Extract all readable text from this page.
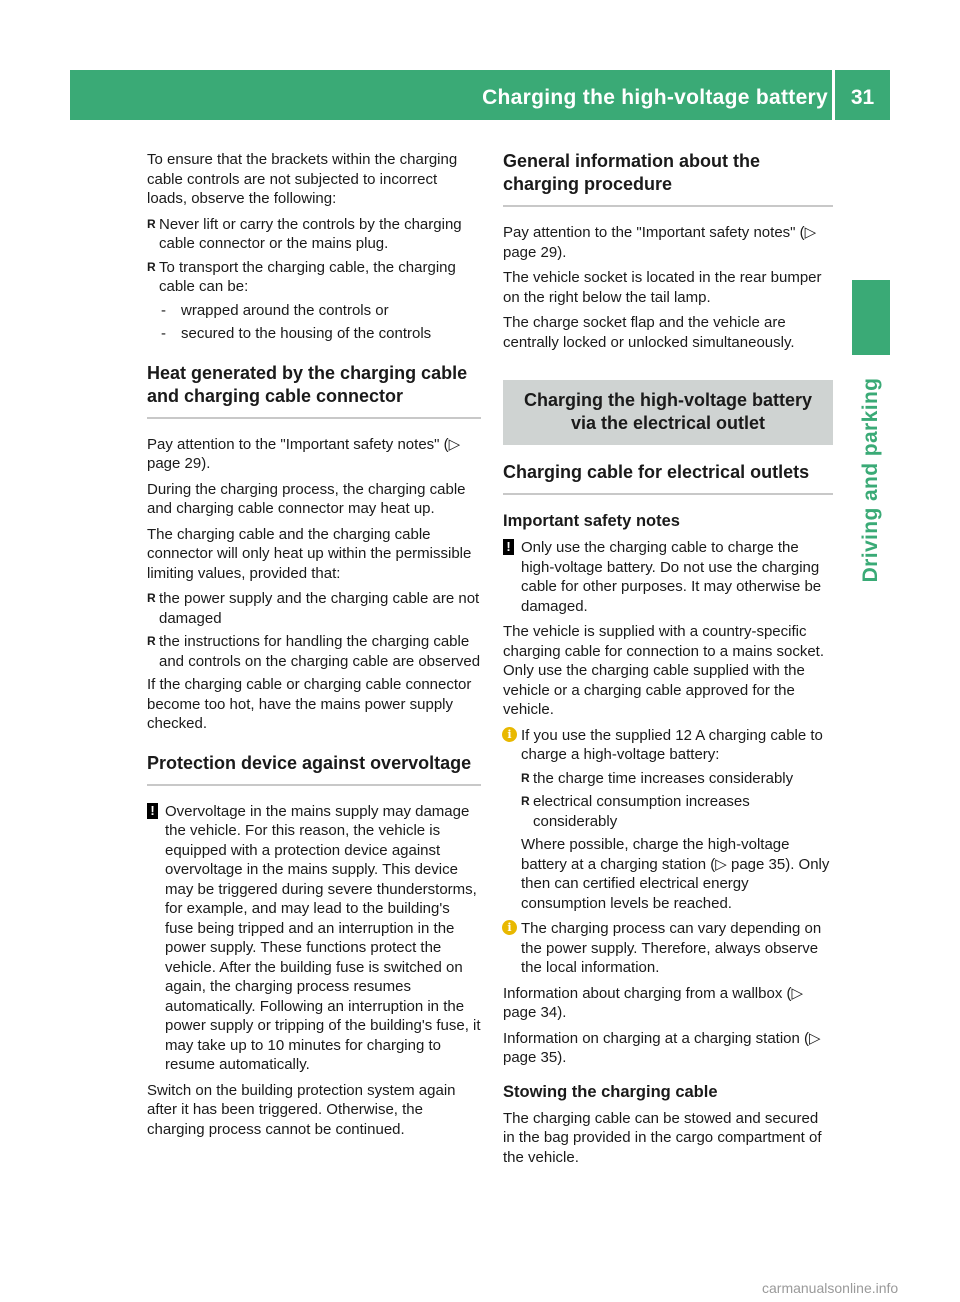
Charging the high-voltage battery	31
Driving and parking

To ensure that the brackets within the charging cable controls are not subjected to incorrect loads, observe the following:

R Never lift or carry the controls by the charging cable connector or the mains plug.
R To transport the charging cable, the charging cable can be:
- wrapped around the controls or
- secured to the housing of the controls
Heat generated by the charging cable and charging cable connector

Pay attention to the "Important safety notes" (▷ page 29).

During the charging process, the charging cable and charging cable connector may heat up.

The charging cable and the charging cable connector will only heat up within the permissible limiting values, provided that:

R the power supply and the charging cable are not damaged
R the instructions for handling the charging cable and controls on the charging cable are observed

If the charging cable or charging cable connector become too hot, have the mains power supply checked.

Protection device against overvoltage
! Overvoltage in the mains supply may damage the vehicle. For this reason, the vehicle is equipped with a protection device against overvoltage in the mains supply. This device may be triggered during severe thunderstorms, for example, and may lead to the building's fuse being tripped and an interruption in the power supply. These functions protect the vehicle. After the building fuse is switched on again, the charging process resumes automatically. Following an interruption in the power supply or tripping of the building's fuse, it may take up to 10 minutes for charging to resume automatically.

Switch on the building protection system again after it has been triggered. Otherwise, the charging process cannot be continued.

General information about the charging procedure

Pay attention to the "Important safety notes" (▷ page 29).

The vehicle socket is located in the rear bumper on the right below the tail lamp.

The charge socket flap and the vehicle are centrally locked or unlocked simultaneously.

Charging the high-voltage battery via the electrical outlet
Charging cable for electrical outlets
Important safety notes
! Only use the charging cable to charge the high-voltage battery. Do not use the charging cable for other purposes. It may otherwise be damaged.

The vehicle is supplied with a country-specific charging cable for connection to a mains socket. Only use the charging cable supplied with the vehicle or a charging cable approved for the vehicle.

i If you use the supplied 12 A charging cable to charge a high-voltage battery:
R the charge time increases considerably
R electrical consumption increases considerably
Where possible, charge the high-voltage battery at a charging station (▷ page 35). Only then can certified electrical energy consumption levels be reached.
i The charging process can vary depending on the power supply. Therefore, always observe the local information.

Information about charging from a wallbox (▷ page 34).

Information on charging at a charging station (▷ page 35).

Stowing the charging cable

The charging cable can be stowed and secured in the bag provided in the cargo compartment of the vehicle.

carmanualsonline.info
